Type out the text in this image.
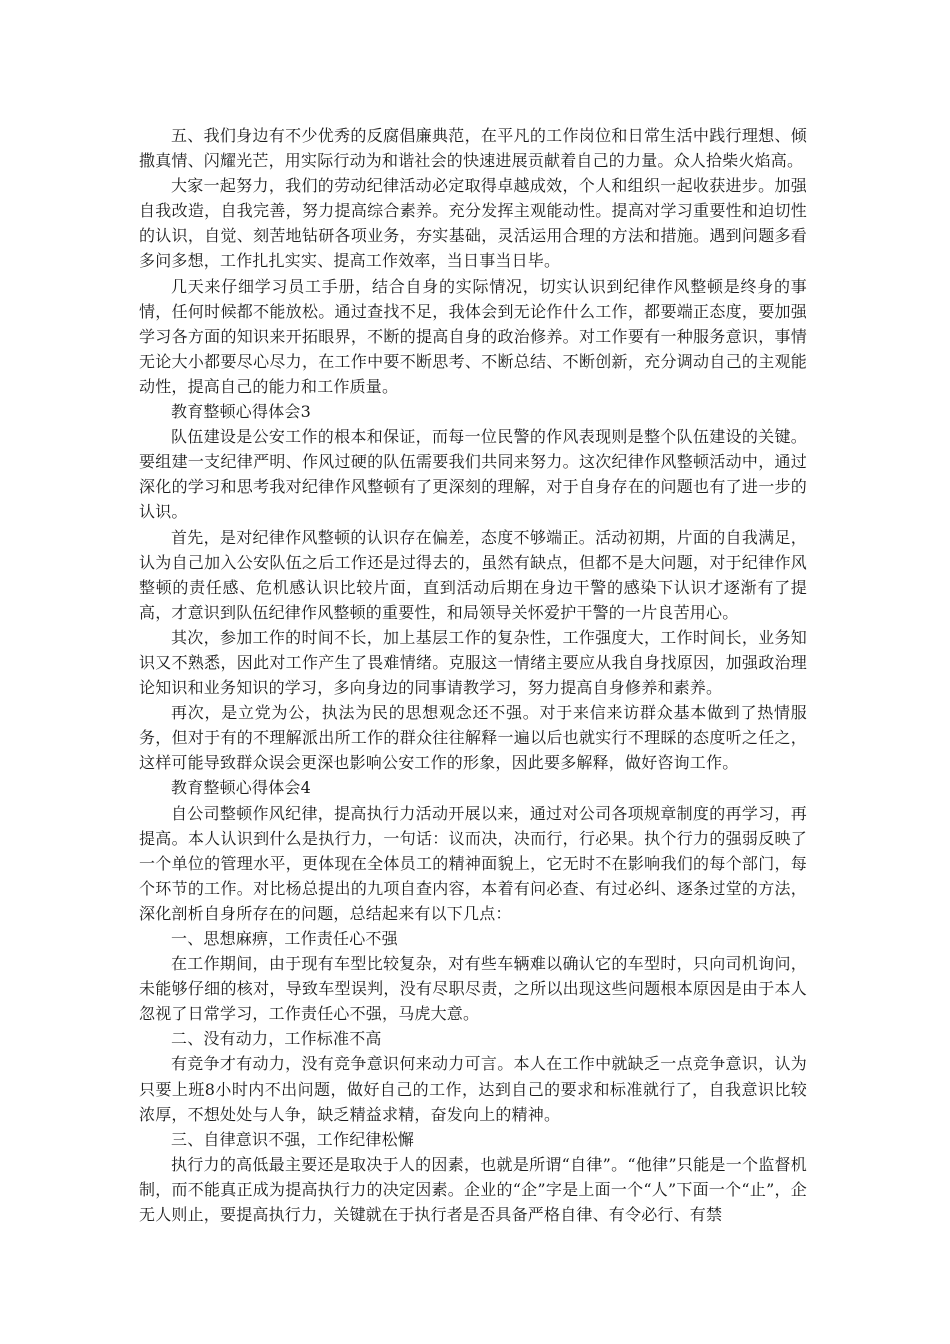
五、我们身边有不少优秀的反腐倡廉典范，在平凡的工作岗位和日常生活中践行理想、倾撒真情、闪耀光芒，用实际行动为和谐社会的快速进展贡献着自己的力量。众人拾柴火焰高。

大家一起努力，我们的劳动纪律活动必定取得卓越成效，个人和组织一起收获进步。加强自我改造，自我完善，努力提高综合素养。充分发挥主观能动性。提高对学习重要性和迫切性的认识，自觉、刻苦地钻研各项业务，夯实基础，灵活运用合理的方法和措施。遇到问题多看多问多想，工作扎扎实实、提高工作效率，当日事当日毕。

几天来仔细学习员工手册，结合自身的实际情况，切实认识到纪律作风整顿是终身的事情，任何时候都不能放松。通过查找不足，我体会到无论作什么工作，都要端正态度，要加强学习各方面的知识来开拓眼界，不断的提高自身的政治修养。对工作要有一种服务意识，事情无论大小都要尽心尽力，在工作中要不断思考、不断总结、不断创新，充分调动自己的主观能动性，提高自己的能力和工作质量。

教育整顿心得体会3

队伍建设是公安工作的根本和保证，而每一位民警的作风表现则是整个队伍建设的关键。要组建一支纪律严明、作风过硬的队伍需要我们共同来努力。这次纪律作风整顿活动中，通过深化的学习和思考我对纪律作风整顿有了更深刻的理解，对于自身存在的问题也有了进一步的认识。

首先，是对纪律作风整顿的认识存在偏差，态度不够端正。活动初期，片面的自我满足，认为自己加入公安队伍之后工作还是过得去的，虽然有缺点，但都不是大问题，对于纪律作风整顿的责任感、危机感认识比较片面，直到活动后期在身边干警的感染下认识才逐渐有了提高，才意识到队伍纪律作风整顿的重要性，和局领导关怀爱护干警的一片良苦用心。

其次，参加工作的时间不长，加上基层工作的复杂性，工作强度大，工作时间长，业务知识又不熟悉，因此对工作产生了畏难情绪。克服这一情绪主要应从我自身找原因，加强政治理论知识和业务知识的学习，多向身边的同事请教学习，努力提高自身修养和素养。

再次，是立党为公，执法为民的思想观念还不强。对于来信来访群众基本做到了热情服务，但对于有的不理解派出所工作的群众往往解释一遍以后也就实行不理睬的态度听之任之，这样可能导致群众误会更深也影响公安工作的形象，因此要多解释，做好咨询工作。

教育整顿心得体会4

自公司整顿作风纪律，提高执行力活动开展以来，通过对公司各项规章制度的再学习，再提高。本人认识到什么是执行力，一句话：议而决，决而行，行必果。执个行力的强弱反映了一个单位的管理水平，更体现在全体员工的精神面貌上，它无时不在影响我们的每个部门，每个环节的工作。对比杨总提出的九项自查内容，本着有问必查、有过必纠、逐条过堂的方法，深化剖析自身所存在的问题，总结起来有以下几点：

一、思想麻痹，工作责任心不强

在工作期间，由于现有车型比较复杂，对有些车辆难以确认它的车型时，只向司机询问，未能够仔细的核对，导致车型误判，没有尽职尽责，之所以出现这些问题根本原因是由于本人忽视了日常学习，工作责任心不强，马虎大意。

二、没有动力，工作标准不高

有竞争才有动力，没有竞争意识何来动力可言。本人在工作中就缺乏一点竞争意识，认为只要上班8小时内不出问题，做好自己的工作，达到自己的要求和标准就行了，自我意识比较浓厚，不想处处与人争，缺乏精益求精，奋发向上的精神。

三、自律意识不强，工作纪律松懈

执行力的高低最主要还是取决于人的因素，也就是所谓“自律”。“他律”只能是一个监督机制，而不能真正成为提高执行力的决定因素。企业的“企”字是上面一个“人”下面一个“止”，企无人则止，要提高执行力，关键就在于执行者是否具备严格自律、有令必行、有禁
